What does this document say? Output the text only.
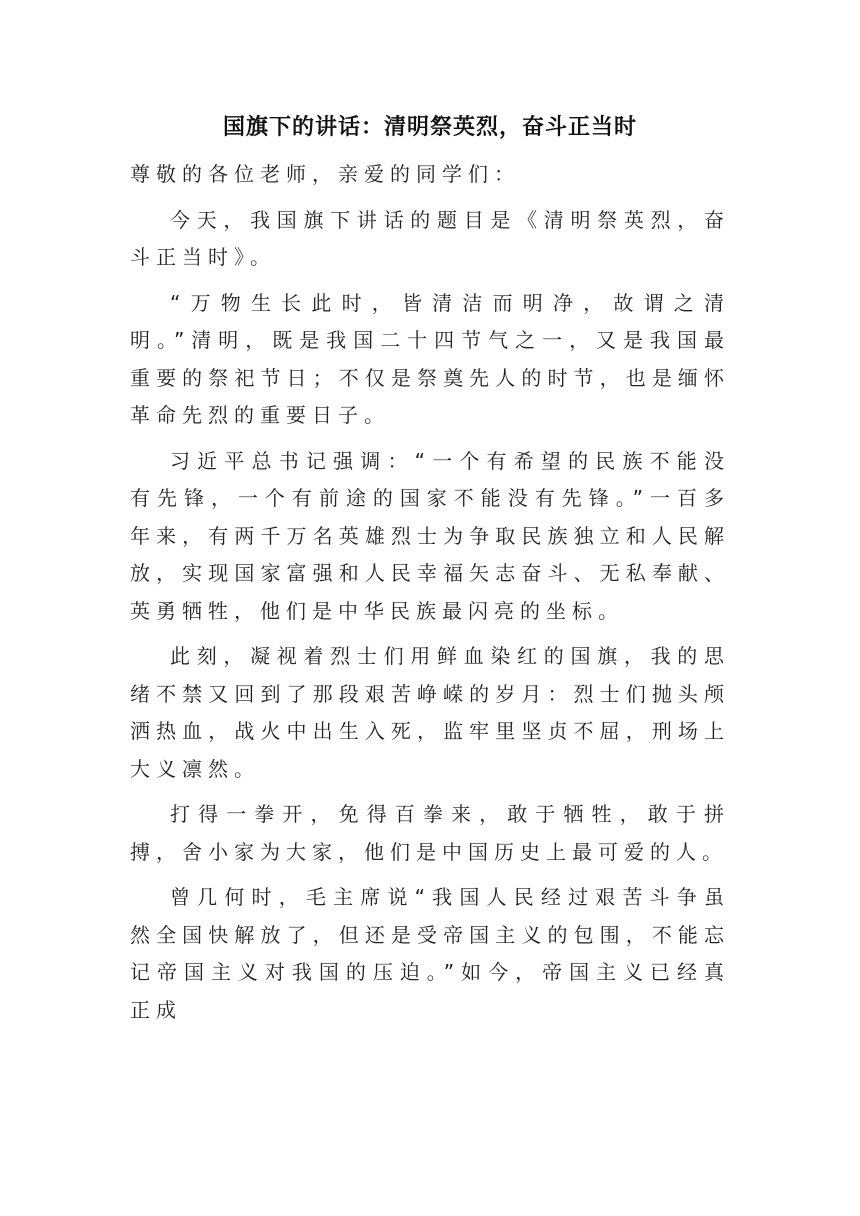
国旗下的讲话：清明祭英烈，奋斗正当时

尊敬的各位老师，亲爱的同学们：

今天，我国旗下讲话的题目是《清明祭英烈，奋斗正当时》。

“万物生长此时，皆清洁而明净，故谓之清明。”清明，既是我国二十四节气之一，又是我国最重要的祭祀节日；不仅是祭奠先人的时节，也是缅怀革命先烈的重要日子。

习近平总书记强调：“一个有希望的民族不能没有先锋，一个有前途的国家不能没有先锋。”一百多年来，有两千万名英雄烈士为争取民族独立和人民解放，实现国家富强和人民幸福矢志奋斗、无私奉献、英勇牺牲，他们是中华民族最闪亮的坐标。

此刻，凝视着烈士们用鲜血染红的国旗，我的思绪不禁又回到了那段艰苦峥嵘的岁月：烈士们抛头颅洒热血，战火中出生入死，监牢里坚贞不屈，刑场上大义凛然。

打得一拳开，免得百拳来，敢于牺牲，敢于拼搏，舍小家为大家，他们是中国历史上最可爱的人。

曾几何时，毛主席说“我国人民经过艰苦斗争虽然全国快解放了，但还是受帝国主义的包围，不能忘记帝国主义对我国的压迫。”如今，帝国主义已经真正成
